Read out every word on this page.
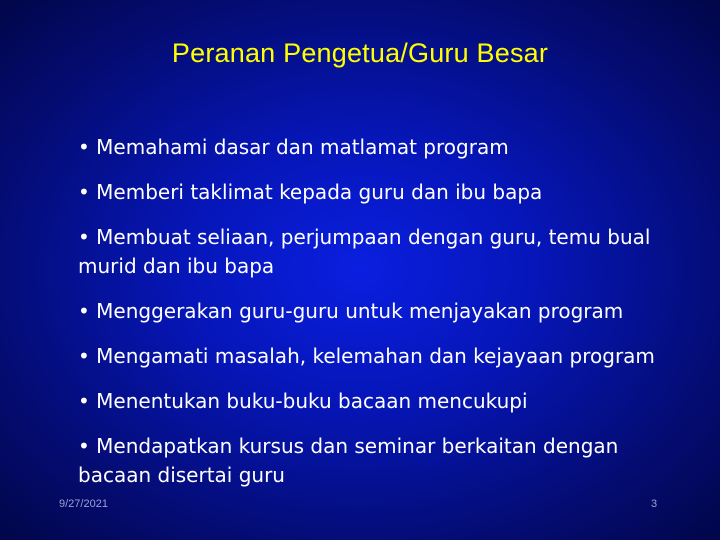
Peranan Pengetua/Guru Besar
• Memahami dasar dan matlamat program
• Memberi taklimat kepada guru dan ibu bapa
• Membuat seliaan, perjumpaan dengan guru, temu bual murid dan ibu bapa
• Menggerakan guru-guru untuk menjayakan program
• Mengamati masalah, kelemahan dan kejayaan program
• Menentukan buku-buku bacaan mencukupi
• Mendapatkan kursus dan seminar berkaitan dengan bacaan disertai guru
9/27/2021	3
